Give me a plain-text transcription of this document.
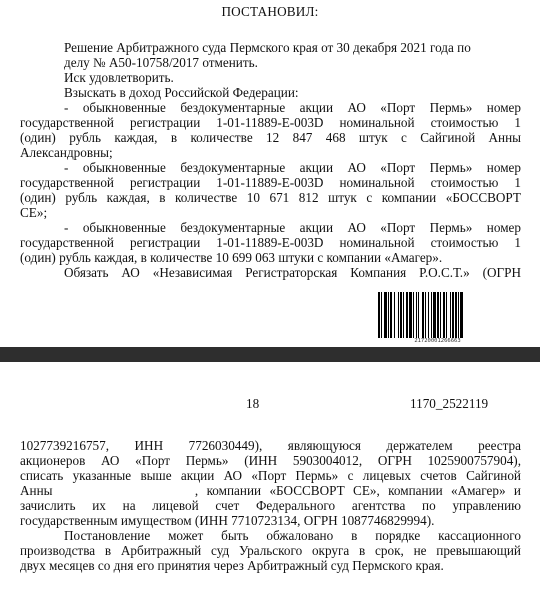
ПОСТАНОВИЛ:
Решение Арбитражного суда Пермского края от 30 декабря 2021 года по
делу № А50-10758/2017 отменить.
Иск удовлетворить.
Взыскать в доход Российской Федерации:
- обыкновенные бездокументарные акции АО «Порт Пермь» номер
государственной регистрации 1-01-11889-Е-003D номинальной стоимостью 1
(один) рубль каждая, в количестве 12 847 468 штук с Сайгиной Анны
Александровны;
- обыкновенные бездокументарные акции АО «Порт Пермь» номер
государственной регистрации 1-01-11889-Е-003D номинальной стоимостью 1
(один) рубль каждая, в количестве 10 671 812 штук с компании «БОССВОРТ
СЕ»;
- обыкновенные бездокументарные акции АО «Порт Пермь» номер
государственной регистрации 1-01-11889-Е-003D номинальной стоимостью 1
(один) рубль каждая, в количестве 10 699 063 штуки с компании «Амагер».
Обязать АО «Независимая Регистраторская Компания Р.О.С.Т.» (ОГРН
21720001266663
18	1170_2522119
1027739216757, ИНН 7726030449), являющуюся держателем реестра
акционеров АО «Порт Пермь» (ИНН 5903004012, ОГРН 1025900757904),
списать указанные выше акции АО «Порт Пермь» с лицевых счетов Сайгиной
Анны                 , компании «БОССВОРТ СЕ», компании «Амагер» и
зачислить их на лицевой счет Федерального агентства по управлению
государственным имуществом (ИНН 7710723134, ОГРН 1087746829994).
Постановление может быть обжаловано в порядке кассационного
производства в Арбитражный суд Уральского округа в срок, не превышающий
двух месяцев со дня его принятия через Арбитражный суд Пермского края.
